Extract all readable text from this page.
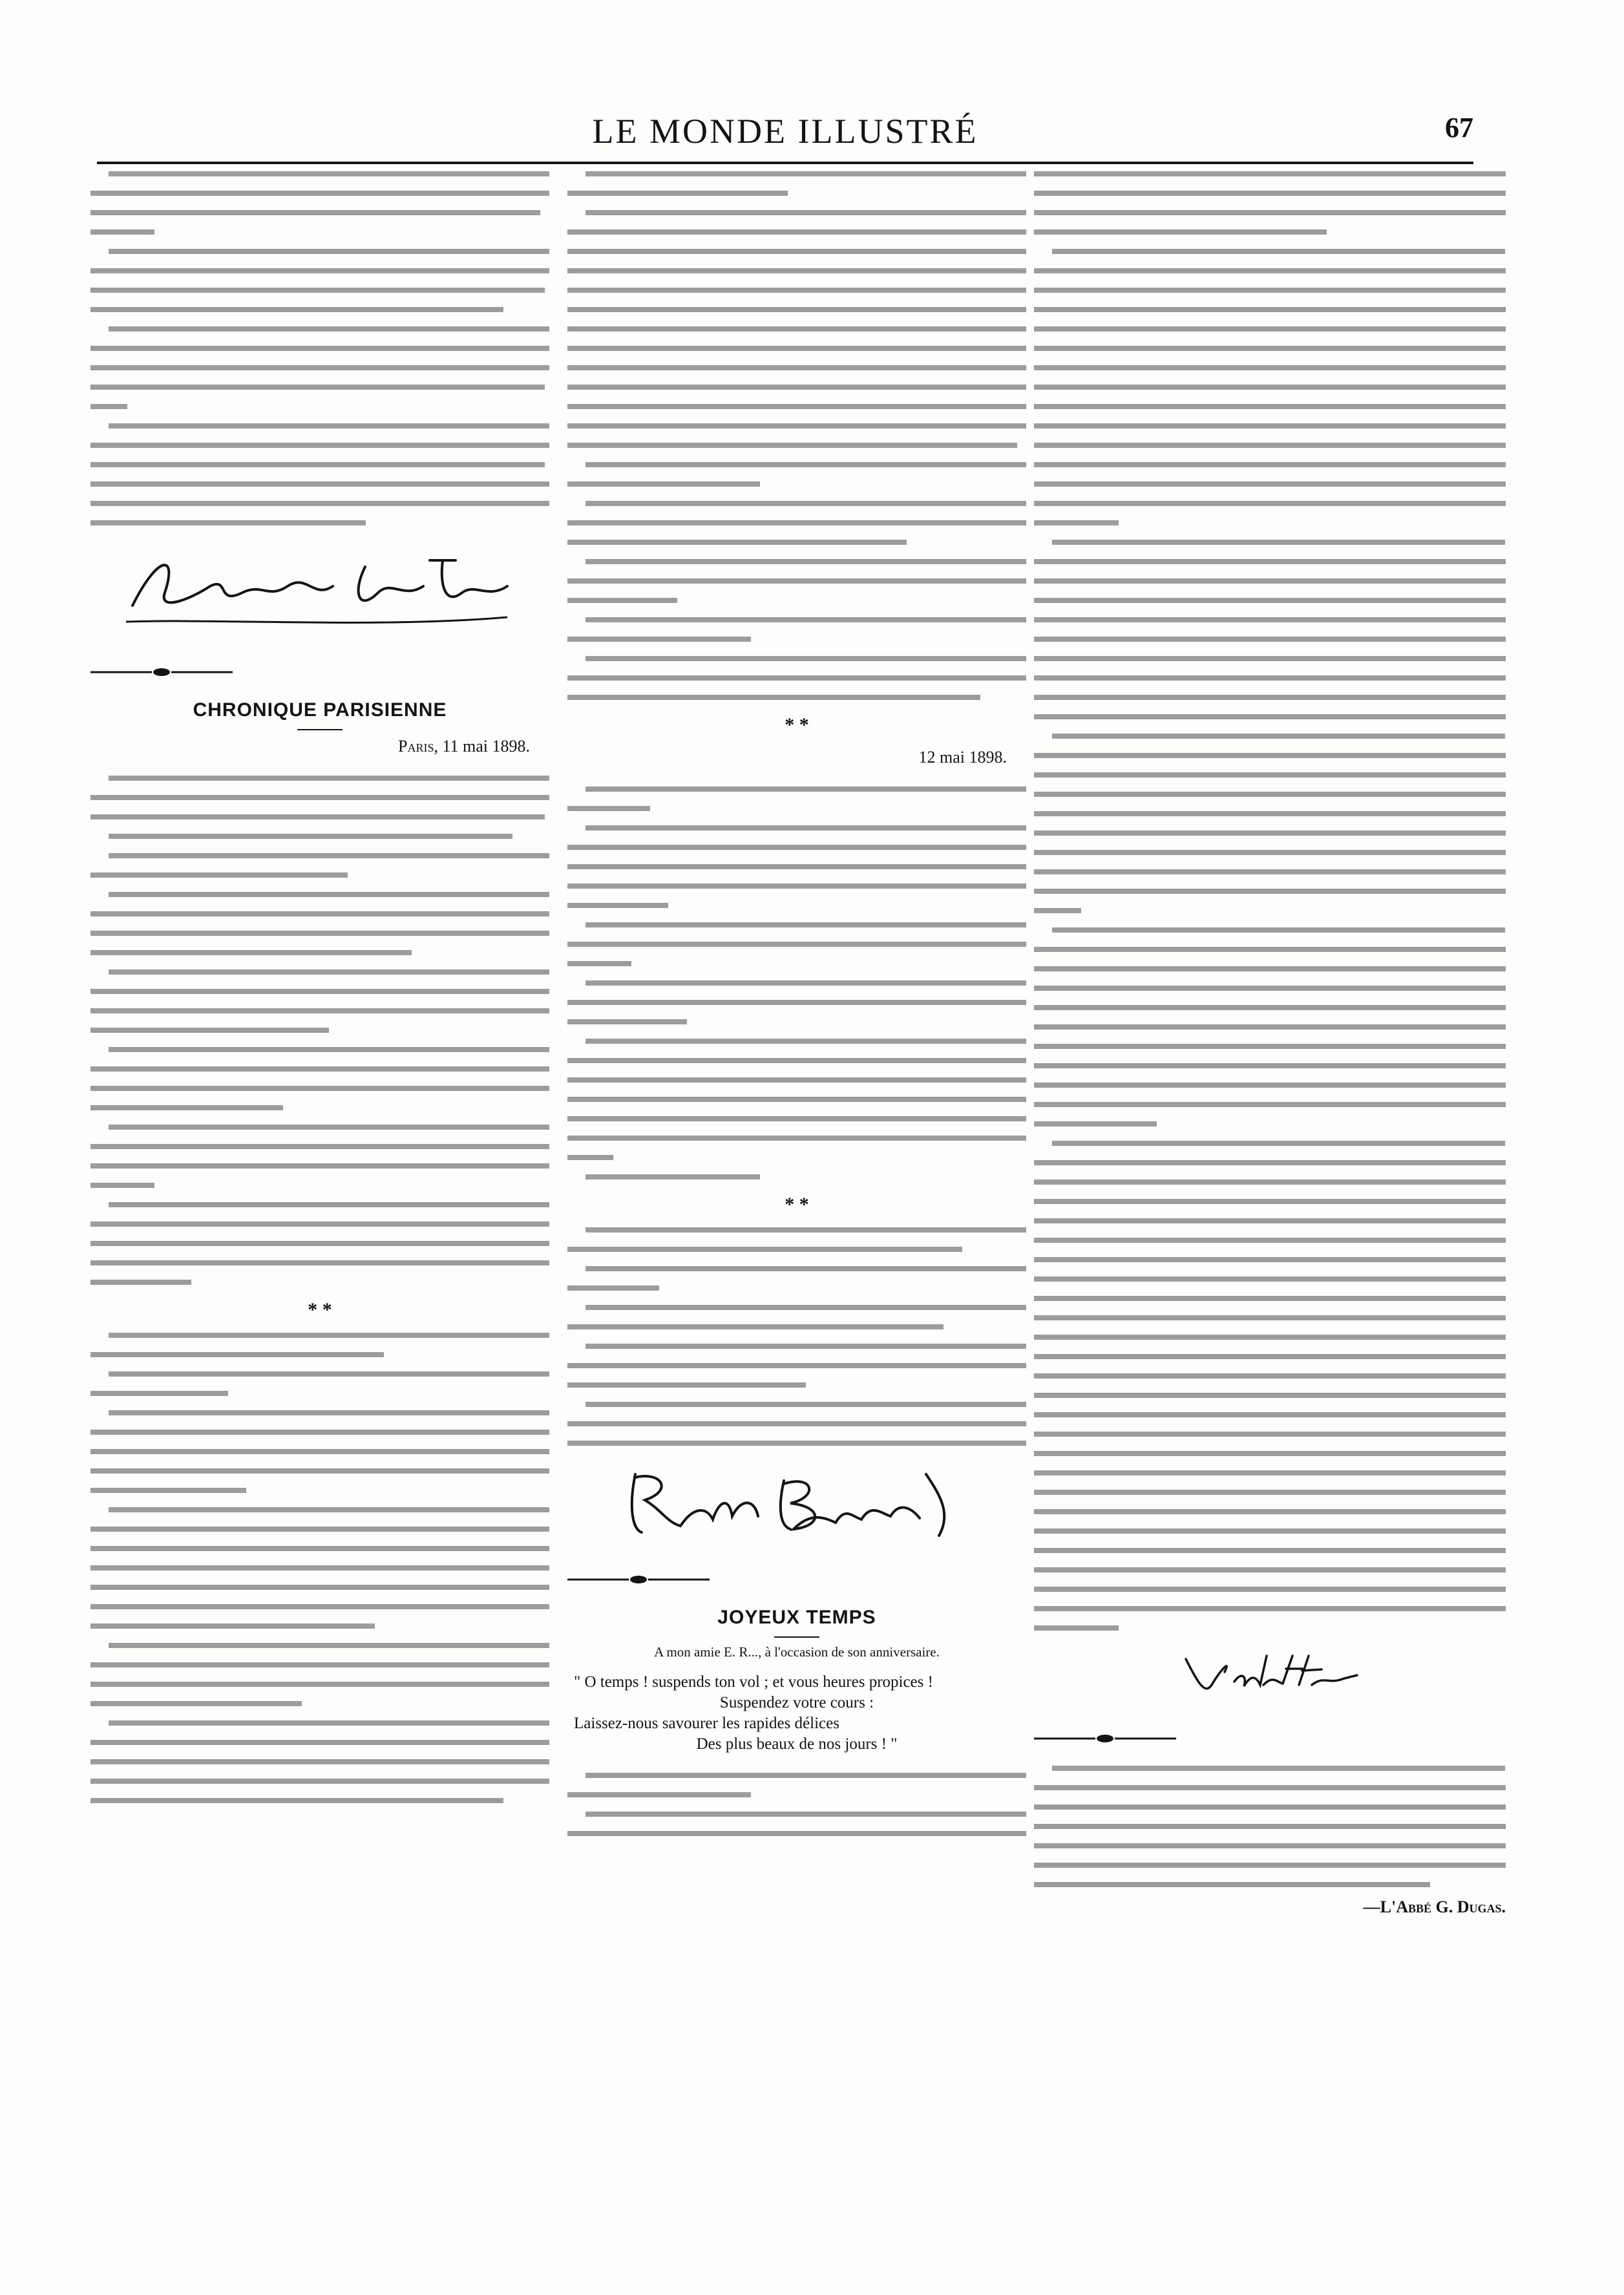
LE MONDE ILLUSTRÉ	67
CHRONIQUE PARISIENNE
Paris, 11 mai 1898.
* *
* *
12 mai 1898.
* *
JOYEUX TEMPS
A mon amie E. R..., à l'occasion de son anniversaire.
" O temps ! suspends ton vol ; et vous heures propices !
Suspendez votre cours :
Laissez-nous savourer les rapides délices
Des plus beaux de nos jours ! "
—L'Abbé G. Dugas.
